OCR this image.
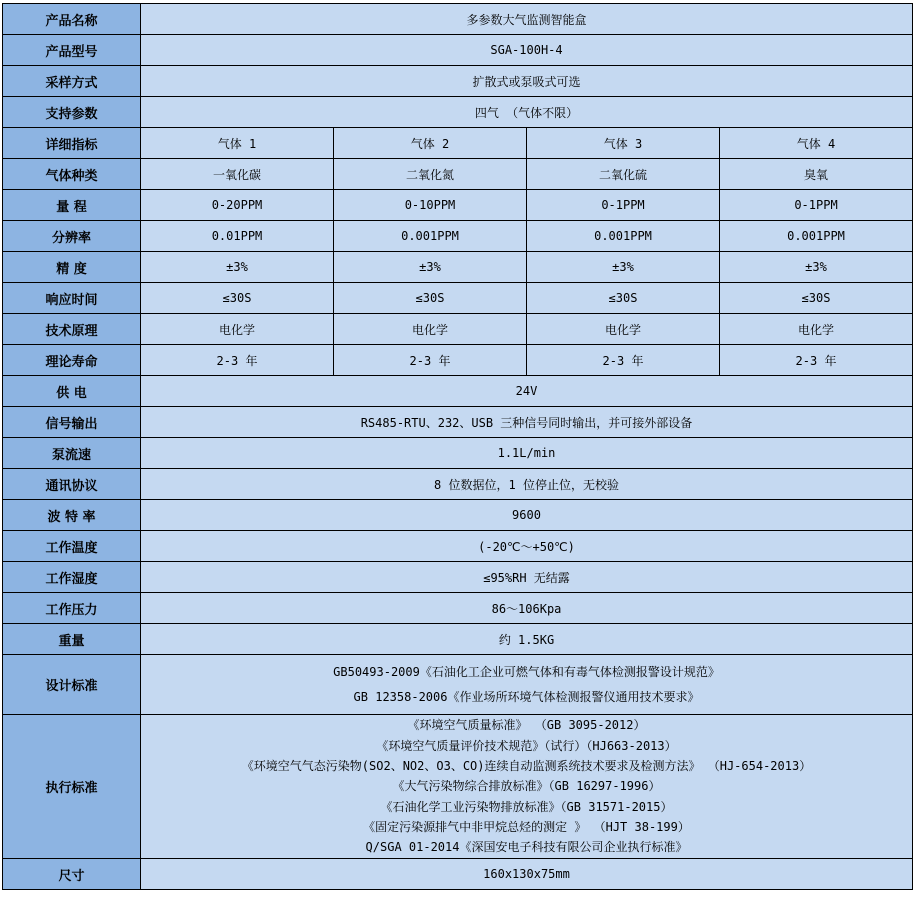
产品名称	多参数大气监测智能盒			
产品型号	SGA-100H-4			
采样方式	扩散式或泵吸式可选			
支持参数	四气 （气体不限）			
详细指标	气体 1	气体 2	气体 3	气体 4
气体种类	一氧化碳	二氧化氮	二氧化硫	臭氧
量 程	0-20PPM	0-10PPM	0-1PPM	0-1PPM
分辨率	0.01PPM	0.001PPM	0.001PPM	0.001PPM
精 度	±3%	±3%	±3%	±3%
响应时间	≤30S	≤30S	≤30S	≤30S
技术原理	电化学	电化学	电化学	电化学
理论寿命	2-3 年	2-3 年	2-3 年	2-3 年
供 电	24V			
信号输出	RS485-RTU、232、USB 三种信号同时输出，并可接外部设备			
泵流速	1.1L/min			
通讯协议	8 位数据位，1 位停止位，无校验			
波 特 率	9600			
工作温度	(-20℃～+50℃)			
工作湿度	≤95%RH 无结露			
工作压力	86～106Kpa			
重量	约 1.5KG			
设计标准	GB50493-2009《石油化工企业可燃气体和有毒气体检测报警设计规范》
GB 12358-2006《作业场所环境气体检测报警仪通用技术要求》			

执行标准	
《环境空气质量标准》 （GB 3095-2012）
《环境空气质量评价技术规范》（试行）（HJ663-2013）
《环境空气气态污染物(SO2、NO2、O3、CO)连续自动监测系统技术要求及检测方法》 （HJ-654-2013）
《大气污染物综合排放标准》（GB 16297-1996）
《石油化学工业污染物排放标准》（GB 31571-2015）
《固定污染源排气中非甲烷总烃的测定 》 （HJT 38-199）
Q/SGA 01-2014《深国安电子科技有限公司企业执行标准》

尺寸	160x130x75mm			
